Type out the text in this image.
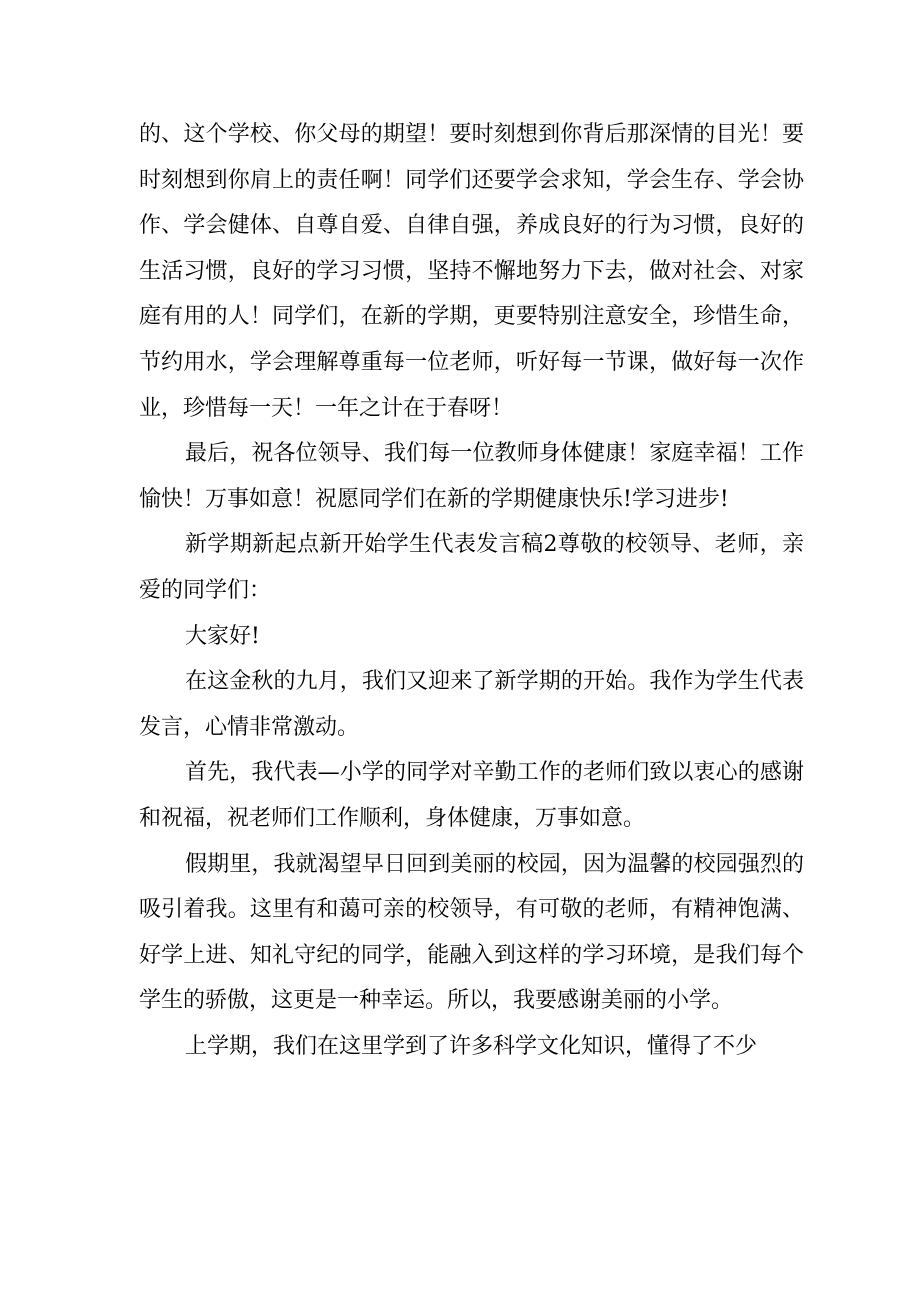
的、这个学校、你父母的期望！要时刻想到你背后那深情的目光！要时刻想到你肩上的责任啊！同学们还要学会求知，学会生存、学会协作、学会健体、自尊自爱、自律自强，养成良好的行为习惯，良好的生活习惯，良好的学习习惯，坚持不懈地努力下去，做对社会、对家庭有用的人！同学们，在新的学期，更要特别注意安全，珍惜生命，节约用水，学会理解尊重每一位老师，听好每一节课，做好每一次作业，珍惜每一天！一年之计在于春呀！

最后，祝各位领导、我们每一位教师身体健康！家庭幸福！工作愉快！万事如意！祝愿同学们在新的学期健康快乐!学习进步!

新学期新起点新开始学生代表发言稿2尊敬的校领导、老师，亲爱的同学们：

大家好!

在这金秋的九月，我们又迎来了新学期的开始。我作为学生代表发言，心情非常激动。

首先，我代表—小学的同学对辛勤工作的老师们致以衷心的感谢和祝福，祝老师们工作顺利，身体健康，万事如意。

假期里，我就渴望早日回到美丽的校园，因为温馨的校园强烈的吸引着我。这里有和蔼可亲的校领导，有可敬的老师，有精神饱满、好学上进、知礼守纪的同学，能融入到这样的学习环境，是我们每个学生的骄傲，这更是一种幸运。所以，我要感谢美丽的小学。

上学期，我们在这里学到了许多科学文化知识，懂得了不少
